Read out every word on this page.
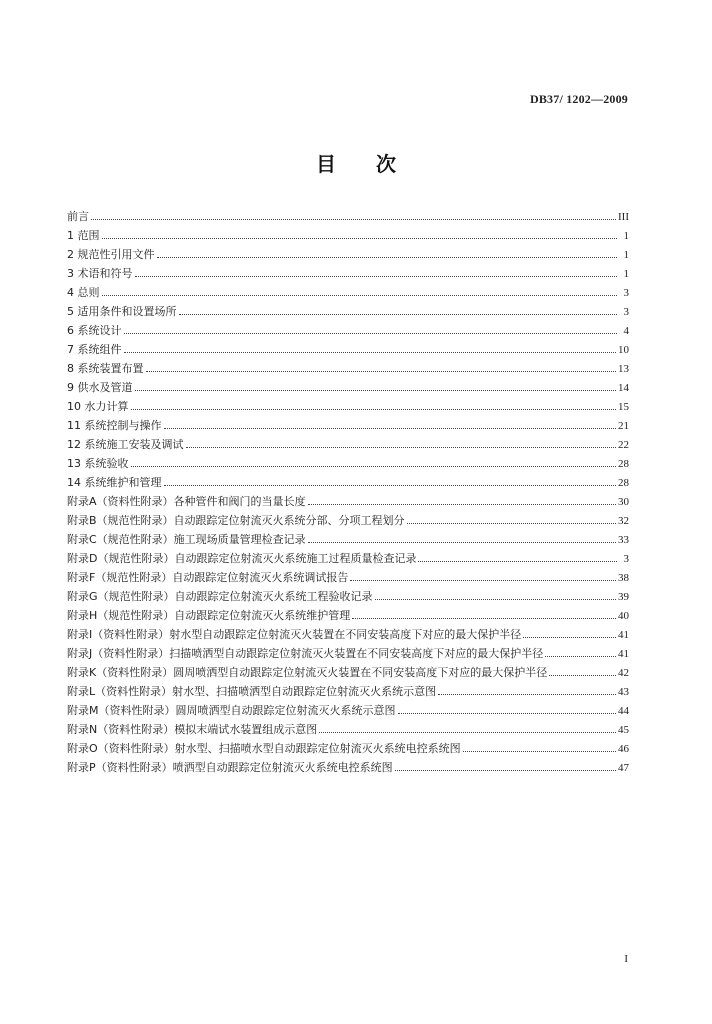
DB37/ 1202—2009
目次
前言	III
1 范围	1
2 规范性引用文件	1
3 术语和符号	1
4 总则	3
5 适用条件和设置场所	3
6 系统设计	4
7 系统组件	10
8 系统装置布置	13
9 供水及管道	14
10 水力计算	15
11 系统控制与操作	21
12 系统施工安装及调试	22
13 系统验收	28
14 系统维护和管理	28
附录A（资料性附录）各种管件和阀门的当量长度	30
附录B（规范性附录）自动跟踪定位射流灭火系统分部、分项工程划分	32
附录C（规范性附录）施工现场质量管理检查记录	33
附录D（规范性附录）自动跟踪定位射流灭火系统施工过程质量检查记录	3
附录F（规范性附录）自动跟踪定位射流灭火系统调试报告	38
附录G（规范性附录）自动跟踪定位射流灭火系统工程验收记录	39
附录H（规范性附录）自动跟踪定位射流灭火系统维护管理	40
附录I（资料性附录）射水型自动跟踪定位射流灭火装置在不同安装高度下对应的最大保护半径	41
附录J（资料性附录）扫描喷洒型自动跟踪定位射流灭火装置在不同安装高度下对应的最大保护半径	41
附录K（资料性附录）圆周喷洒型自动跟踪定位射流灭火装置在不同安装高度下对应的最大保护半径	42
附录L（资料性附录）射水型、扫描喷洒型自动跟踪定位射流灭火系统示意图	43
附录M（资料性附录）圆周喷洒型自动跟踪定位射流灭火系统示意图	44
附录N（资料性附录）模拟末端试水装置组成示意图	45
附录O（资料性附录）射水型、扫描喷水型自动跟踪定位射流灭火系统电控系统图	46
附录P（资料性附录）喷洒型自动跟踪定位射流灭火系统电控系统图	47
I
